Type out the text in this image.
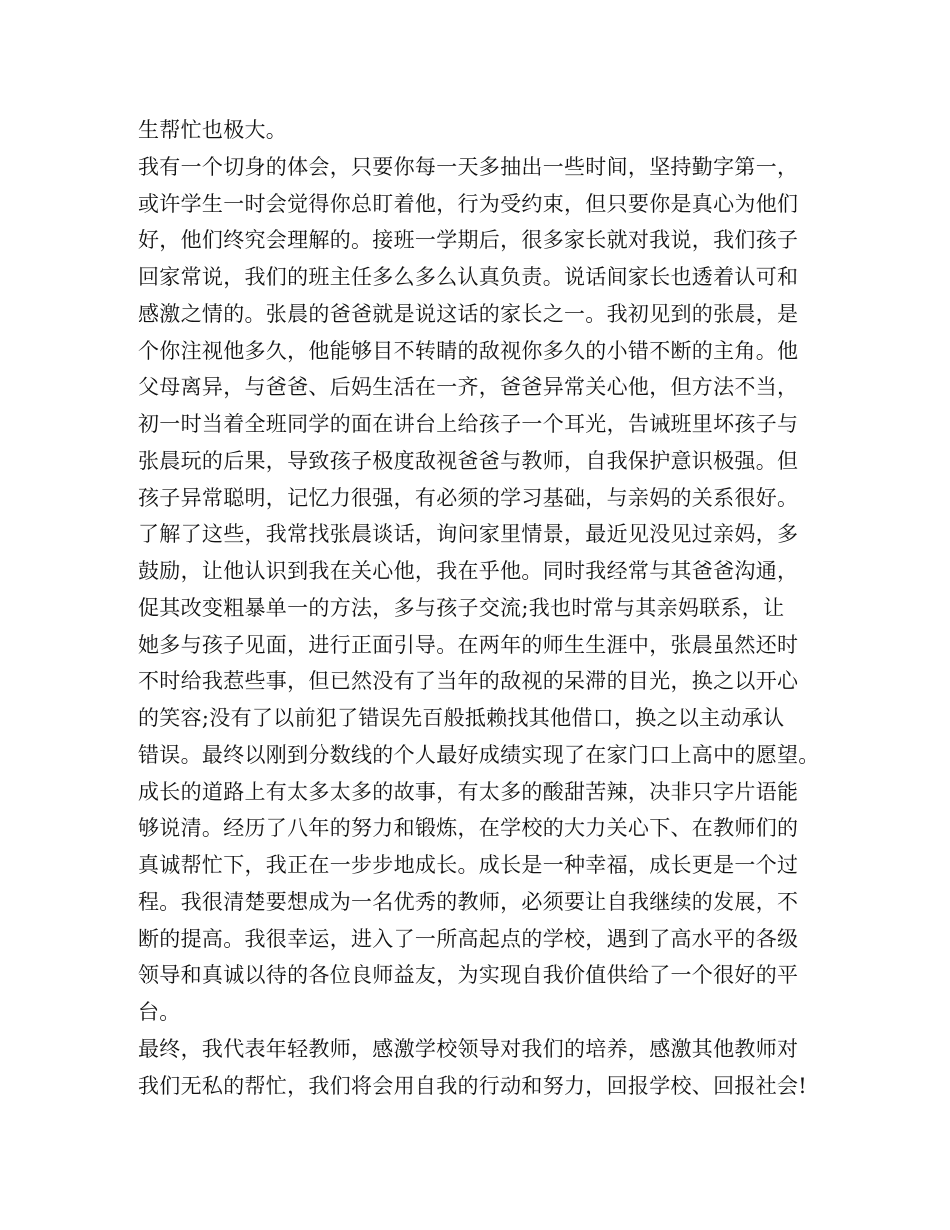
生帮忙也极大。
我有一个切身的体会，只要你每一天多抽出一些时间，坚持勤字第一，
或许学生一时会觉得你总盯着他，行为受约束，但只要你是真心为他们
好，他们终究会理解的。接班一学期后，很多家长就对我说，我们孩子
回家常说，我们的班主任多么多么认真负责。说话间家长也透着认可和
感激之情的。张晨的爸爸就是说这话的家长之一。我初见到的张晨，是
个你注视他多久，他能够目不转睛的敌视你多久的小错不断的主角。他
父母离异，与爸爸、后妈生活在一齐，爸爸异常关心他，但方法不当，
初一时当着全班同学的面在讲台上给孩子一个耳光，告诫班里坏孩子与
张晨玩的后果，导致孩子极度敌视爸爸与教师，自我保护意识极强。但
孩子异常聪明，记忆力很强，有必须的学习基础，与亲妈的关系很好。
了解了这些，我常找张晨谈话，询问家里情景，最近见没见过亲妈，多
鼓励，让他认识到我在关心他，我在乎他。同时我经常与其爸爸沟通，
促其改变粗暴单一的方法，多与孩子交流;我也时常与其亲妈联系，让
她多与孩子见面，进行正面引导。在两年的师生生涯中，张晨虽然还时
不时给我惹些事，但已然没有了当年的敌视的呆滞的目光，换之以开心
的笑容;没有了以前犯了错误先百般抵赖找其他借口，换之以主动承认
错误。最终以刚到分数线的个人最好成绩实现了在家门口上高中的愿望。
成长的道路上有太多太多的故事，有太多的酸甜苦辣，决非只字片语能
够说清。经历了八年的努力和锻炼，在学校的大力关心下、在教师们的
真诚帮忙下，我正在一步步地成长。成长是一种幸福，成长更是一个过
程。我很清楚要想成为一名优秀的教师，必须要让自我继续的发展，不
断的提高。我很幸运，进入了一所高起点的学校，遇到了高水平的各级
领导和真诚以待的各位良师益友，为实现自我价值供给了一个很好的平
台。
最终，我代表年轻教师，感激学校领导对我们的培养，感激其他教师对
我们无私的帮忙，我们将会用自我的行动和努力，回报学校、回报社会!
